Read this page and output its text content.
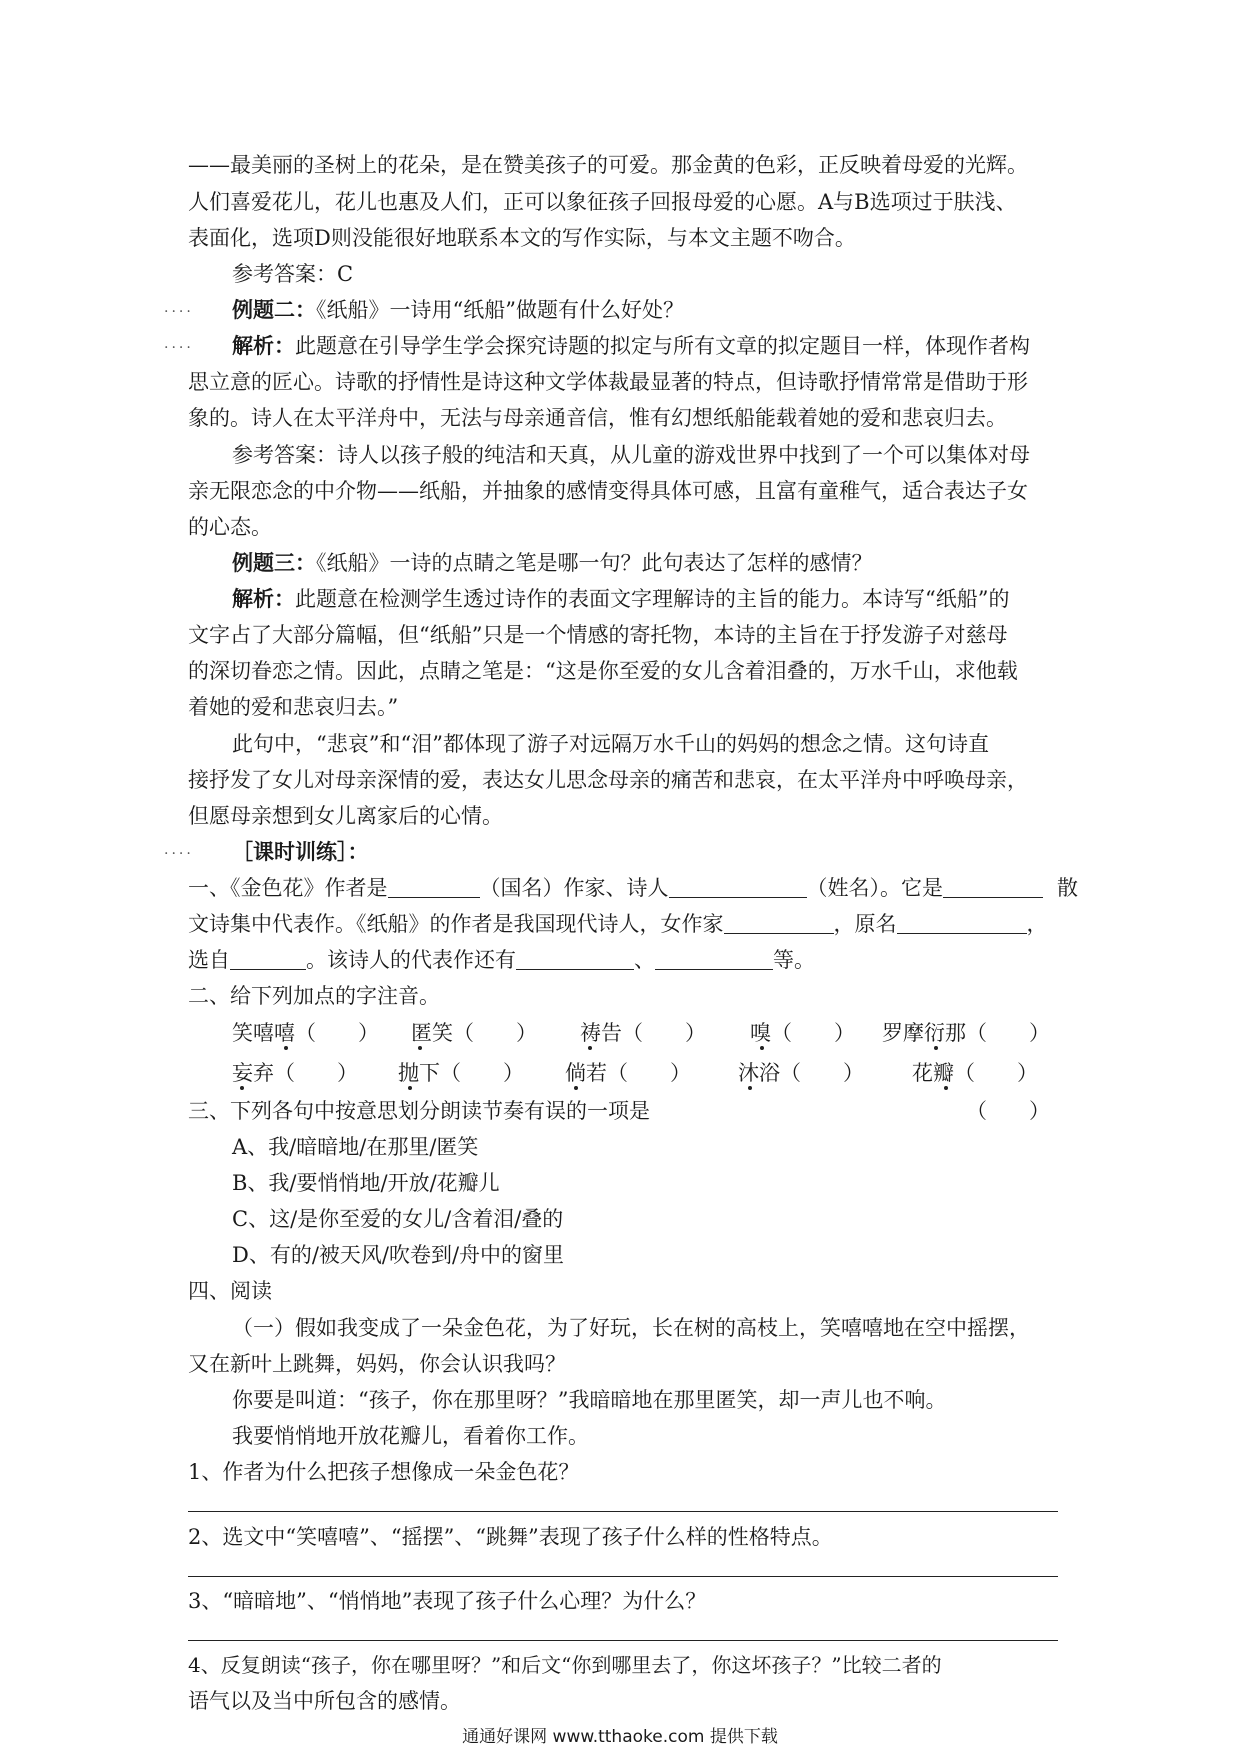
——最美丽的圣树上的花朵，是在赞美孩子的可爱。那金黄的色彩，正反映着母爱的光辉。
人们喜爱花儿，花儿也惠及人们，正可以象征孩子回报母爱的心愿。A与B选项过于肤浅、
表面化，选项D则没能很好地联系本文的写作实际，与本文主题不吻合。
参考答案：C
.... 例题二：《纸船》一诗用“纸船”做题有什么好处？
.... 解析：此题意在引导学生学会探究诗题的拟定与所有文章的拟定题目一样，体现作者构
思立意的匠心。诗歌的抒情性是诗这种文学体裁最显著的特点，但诗歌抒情常常是借助于形
象的。诗人在太平洋舟中，无法与母亲通音信，惟有幻想纸船能载着她的爱和悲哀归去。
参考答案：诗人以孩子般的纯洁和天真，从儿童的游戏世界中找到了一个可以集体对母
亲无限恋念的中介物——纸船，并抽象的感情变得具体可感，且富有童稚气，适合表达子女
的心态。
例题三：《纸船》一诗的点睛之笔是哪一句？此句表达了怎样的感情？
解析：此题意在检测学生透过诗作的表面文字理解诗的主旨的能力。本诗写“纸船”的
文字占了大部分篇幅，但“纸船”只是一个情感的寄托物，本诗的主旨在于抒发游子对慈母
的深切眷恋之情。因此，点睛之笔是：“这是你至爱的女儿含着泪叠的，万水千山，求他载
着她的爱和悲哀归去。”
此句中，“悲哀”和“泪”都体现了游子对远隔万水千山的妈妈的想念之情。这句诗直
接抒发了女儿对母亲深情的爱，表达女儿思念母亲的痛苦和悲哀，在太平洋舟中呼唤母亲，
但愿母亲想到女儿离家后的心情。
.... ［课时训练］：
一、《金色花》作者是	（国名）作家、诗人	（姓名）。它是	散
文诗集中代表作。《纸船》的作者是我国现代诗人，女作家	，原名	，
选自	。该诗人的代表作还有	、	等。
二、给下列加点的字注音。
笑嘻嘻（　　） 匿笑（　　） 祷告（　　） 嗅（　　） 罗摩衍那（　　）
妄弃（　　） 抛下（　　） 倘若（　　） 沐浴（　　） 花瓣（　　）
三、下列各句中按意思划分朗读节奏有误的一项是	（　　）
A、我/暗暗地/在那里/匿笑
B、我/要悄悄地/开放/花瓣儿
C、这/是你至爱的女儿/含着泪/叠的
D、有的/被天风/吹卷到/舟中的窗里
四、阅读
（一）假如我变成了一朵金色花，为了好玩，长在树的高枝上，笑嘻嘻地在空中摇摆，
又在新叶上跳舞，妈妈，你会认识我吗？
你要是叫道：“孩子，你在那里呀？”我暗暗地在那里匿笑，却一声儿也不响。
我要悄悄地开放花瓣儿，看着你工作。
1、作者为什么把孩子想像成一朵金色花？
2、选文中“笑嘻嘻”、“摇摆”、“跳舞”表现了孩子什么样的性格特点。
3、“暗暗地”、“悄悄地”表现了孩子什么心理？为什么？
4、反复朗读“孩子，你在哪里呀？”和后文“你到哪里去了，你这坏孩子？”比较二者的
语气以及当中所包含的感情。
通通好课网 www.tthaoke.com 提供下载
